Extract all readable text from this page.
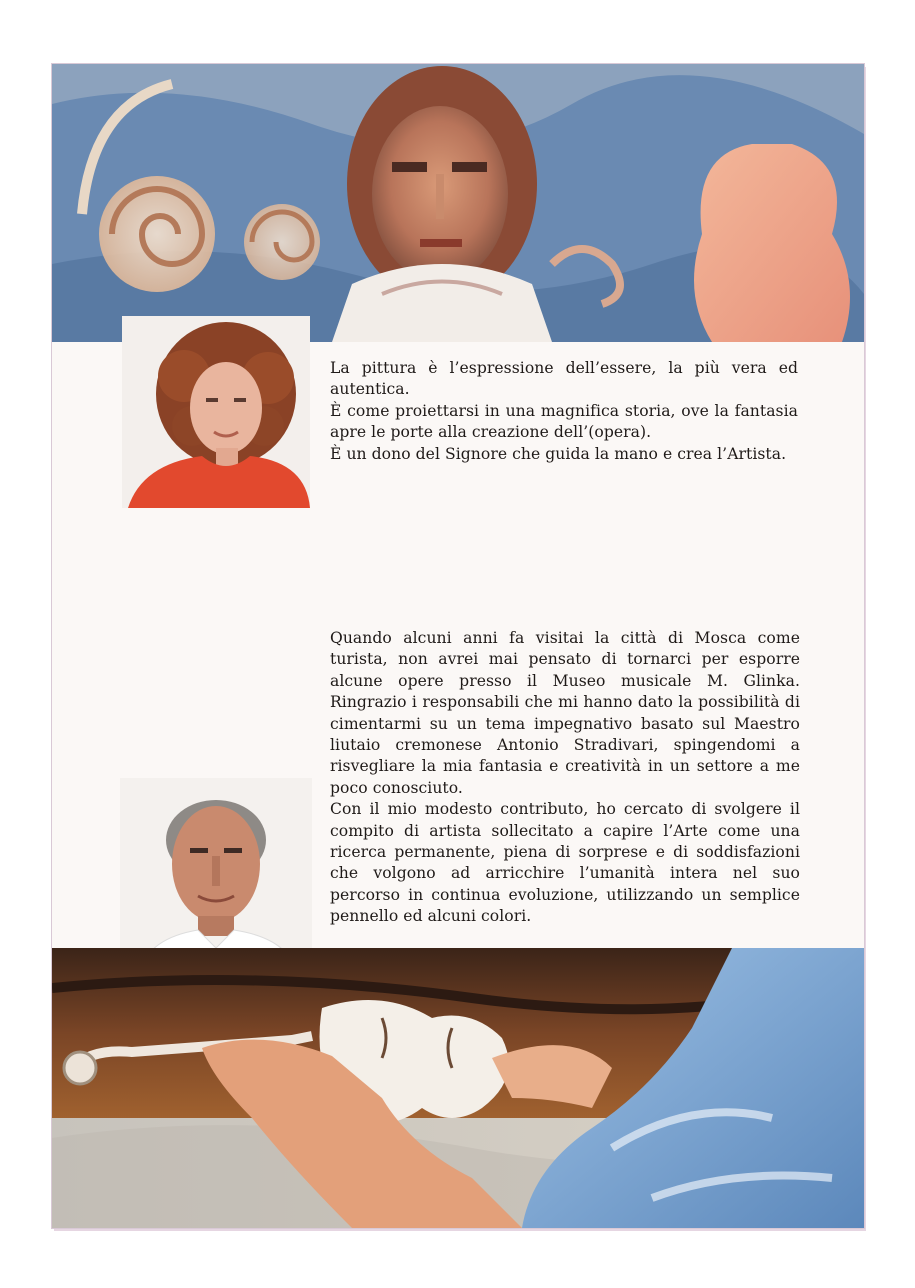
La pittura è l’espressione dell’essere, la più vera ed autentica.

È come proiettarsi in una magnifica storia, ove la fantasia apre le porte alla creazione dell’(opera).

È un dono del Signore che guida la mano e crea l’Artista.

Quando alcuni anni fa visitai la città di Mosca come turista, non avrei mai pensato di tornarci per esporre alcune opere presso il Museo musicale M. Glinka. Ringrazio i responsabili che mi hanno dato la possibilità di cimentarmi su un tema impegnativo basato sul Maestro liutaio cremonese Antonio Stradivari, spingendomi a risvegliare la mia fantasia e creatività in un settore a me poco conosciuto.

Con il mio modesto contributo, ho cercato di svolgere il compito di artista sollecitato a capire l’Arte come una ricerca permanente, piena di sorprese e di soddisfazioni che volgono ad arricchire l’umanità intera nel suo percorso in continua evoluzione, utilizzando un semplice pennello ed alcuni colori.
